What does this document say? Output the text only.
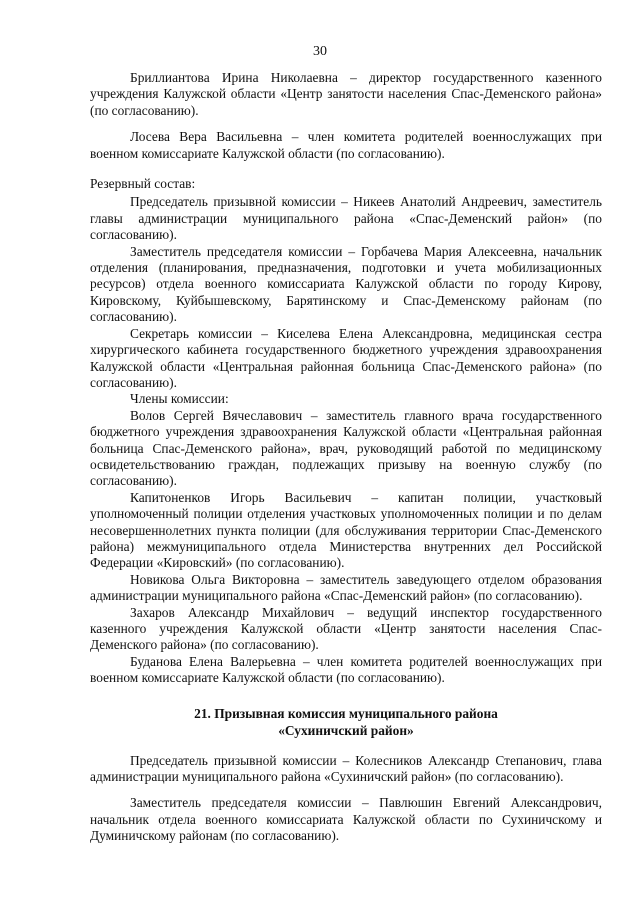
30

Бриллиантова Ирина Николаевна – директор государственного казенного учреждения Калужской области «Центр занятости населения Спас-Деменского района» (по согласованию).

Лосева Вера Васильевна – член комитета родителей военнослужащих при военном комиссариате Калужской области (по согласованию).

Резервный состав:

Председатель призывной комиссии – Никеев Анатолий Андреевич, заместитель главы администрации муниципального района «Спас-Деменский район» (по согласованию).

Заместитель председателя комиссии – Горбачева Мария Алексеевна, начальник отделения (планирования, предназначения, подготовки и учета мобилизационных ресурсов) отдела военного комиссариата Калужской области по городу Кирову, Кировскому, Куйбышевскому, Барятинскому и Спас-Деменскому районам (по согласованию).

Секретарь комиссии – Киселева Елена Александровна, медицинская сестра хирургического кабинета государственного бюджетного учреждения здравоохранения Калужской области «Центральная районная больница Спас-Деменского района» (по согласованию).

Члены комиссии:

Волов Сергей Вячеславович – заместитель главного врача государственного бюджетного учреждения здравоохранения Калужской области «Центральная районная больница Спас-Деменского района», врач, руководящий работой по медицинскому освидетельствованию граждан, подлежащих призыву на военную службу (по согласованию).

Капитоненков Игорь Васильевич – капитан полиции, участковый уполномоченный полиции отделения участковых уполномоченных полиции и по делам несовершеннолетних пункта полиции (для обслуживания территории Спас-Деменского района) межмуниципального отдела Министерства внутренних дел Российской Федерации «Кировский» (по согласованию).

Новикова Ольга Викторовна – заместитель заведующего отделом образования администрации муниципального района «Спас-Деменский район» (по согласованию).

Захаров Александр Михайлович – ведущий инспектор государственного казенного учреждения Калужской области «Центр занятости населения Спас-Деменского района» (по согласованию).

Буданова Елена Валерьевна – член комитета родителей военнослужащих при военном комиссариате Калужской области (по согласованию).

21. Призывная комиссия муниципального района
«Сухиничский район»

Председатель призывной комиссии – Колесников Александр Степанович, глава администрации муниципального района «Сухиничский район» (по согласованию).

Заместитель председателя комиссии – Павлюшин Евгений Александрович, начальник отдела военного комиссариата Калужской области по Сухиничскому и Думиничскому районам (по согласованию).
